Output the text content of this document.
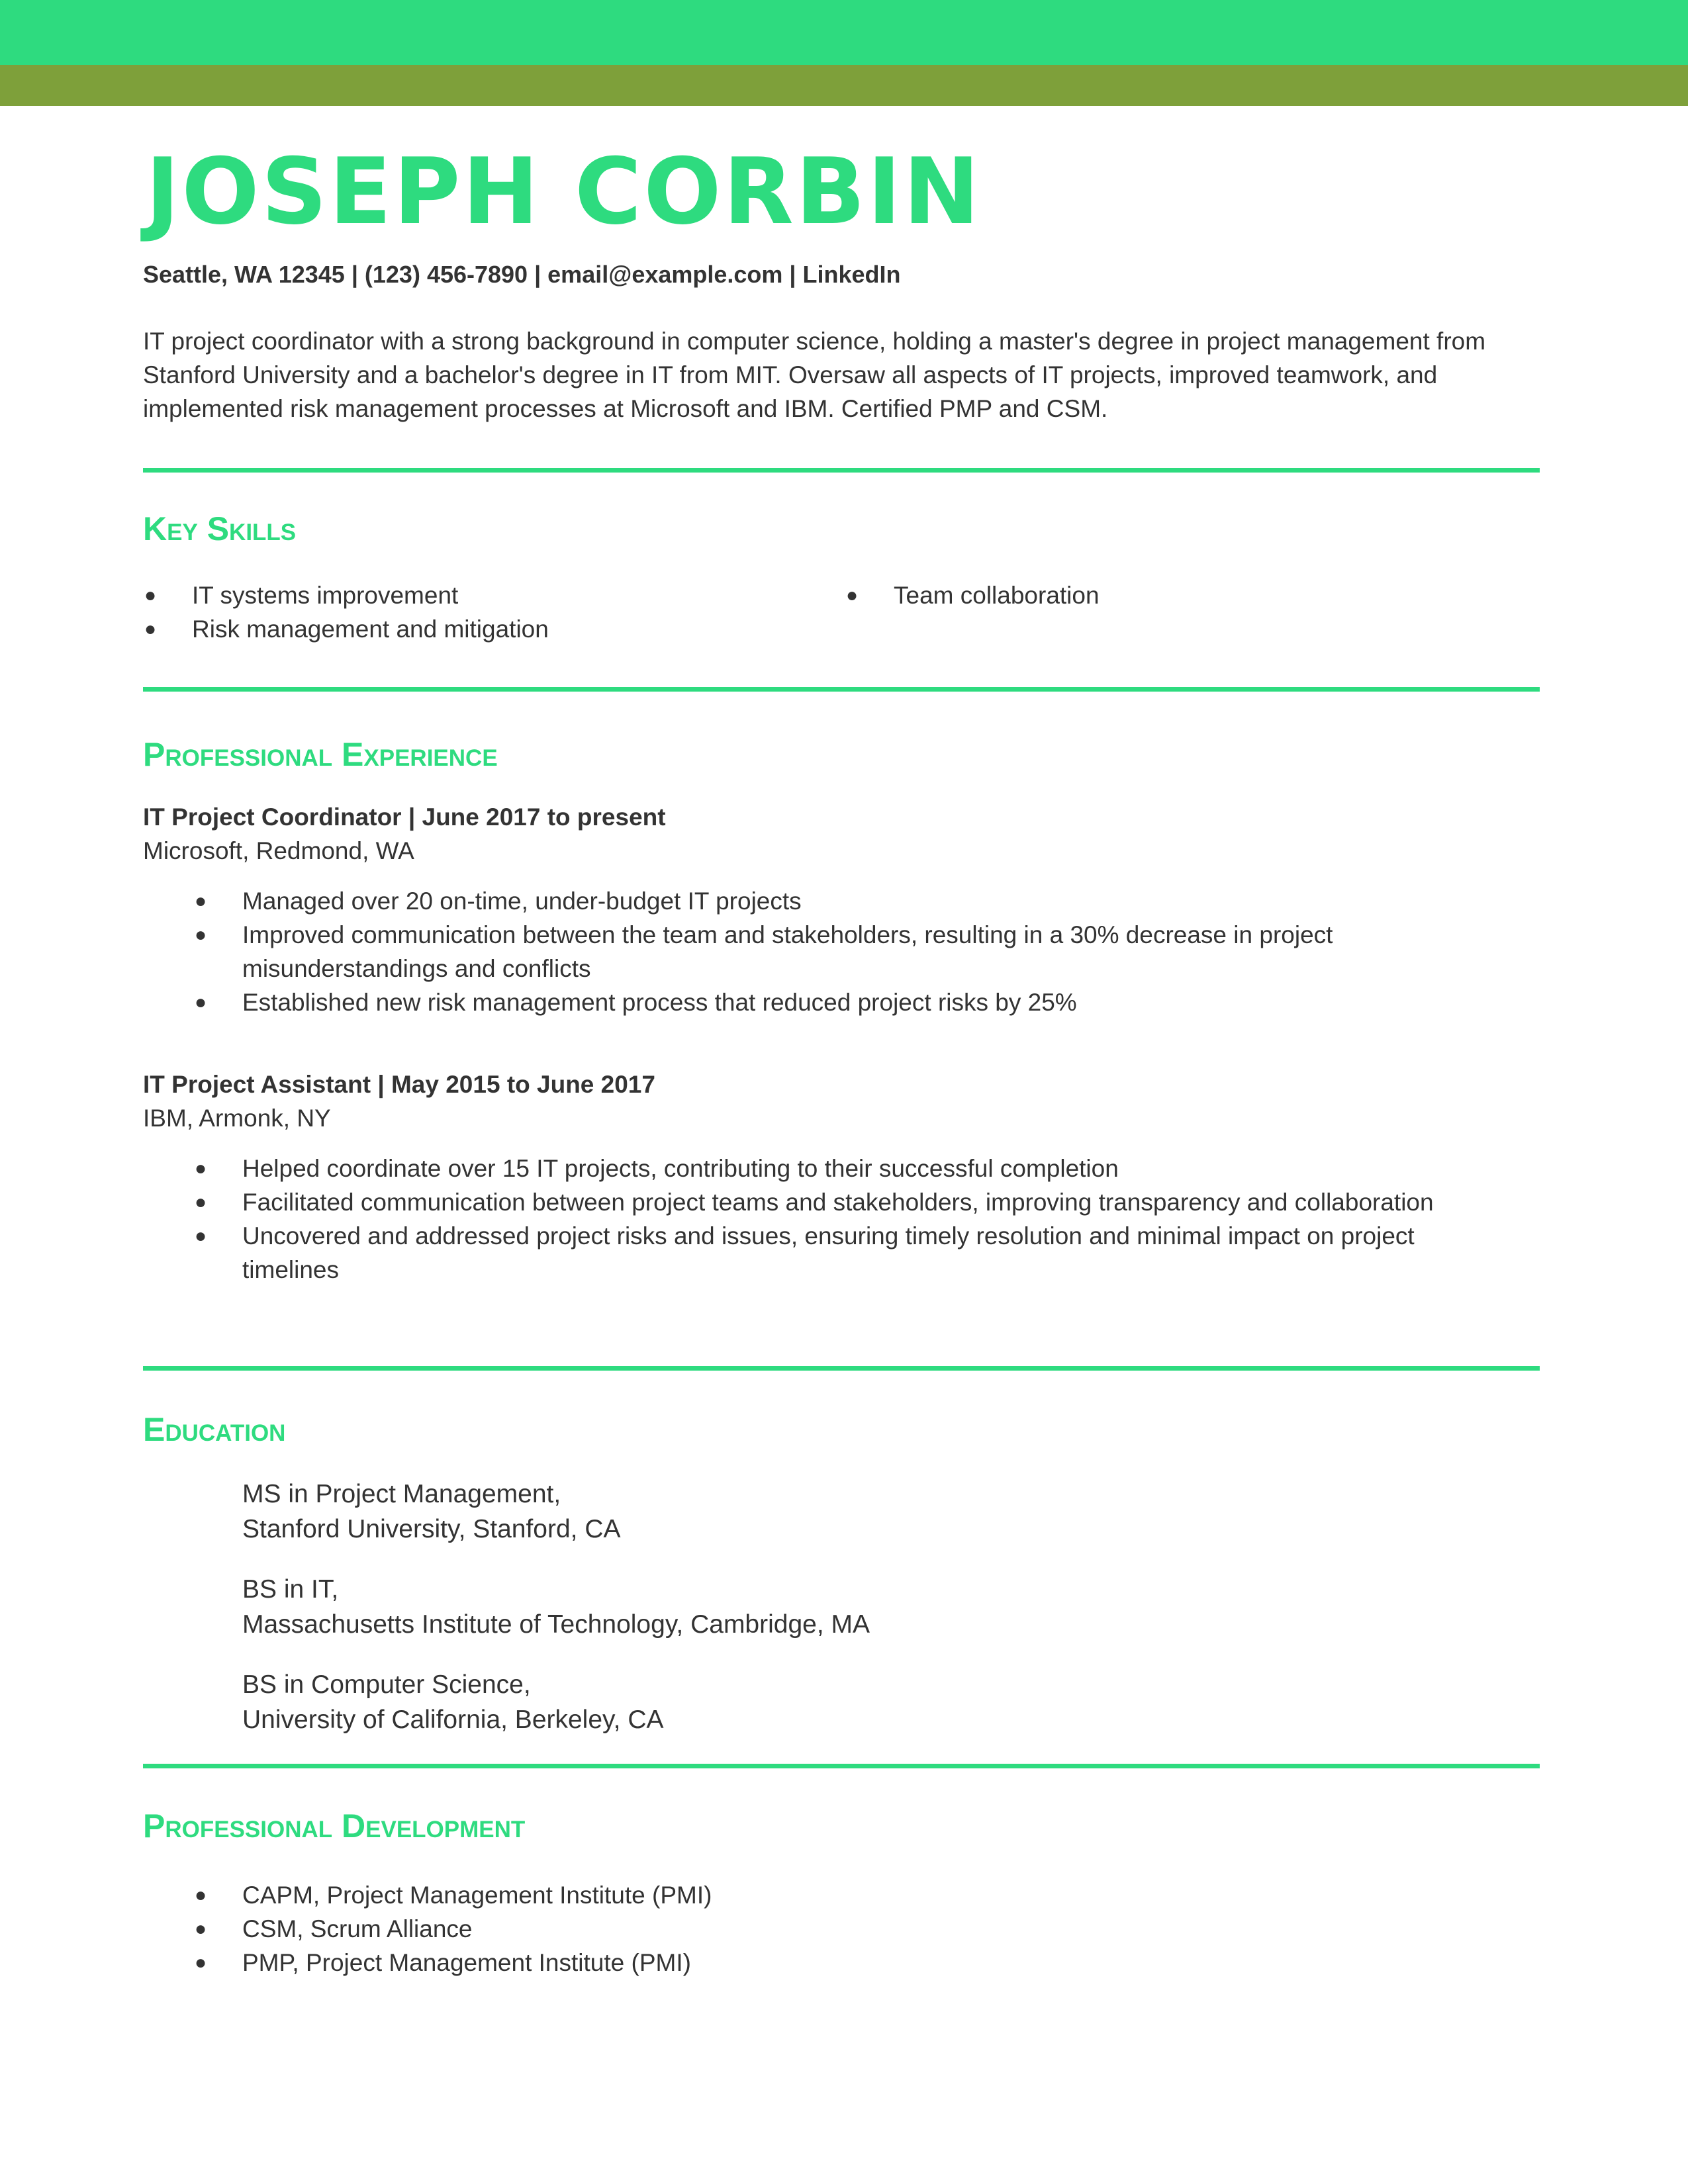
JOSEPH CORBIN
Seattle, WA 12345 | (123) 456-7890 | email@example.com | LinkedIn
IT project coordinator with a strong background in computer science, holding a master's degree in project management from Stanford University and a bachelor's degree in IT from MIT. Oversaw all aspects of IT projects, improved teamwork, and implemented risk management processes at Microsoft and IBM. Certified PMP and CSM.
Key Skills
● IT systems improvement
● Risk management and mitigation
● Team collaboration
Professional Experience
IT Project Coordinator | June 2017 to present
Microsoft, Redmond, WA
● Managed over 20 on-time, under-budget IT projects
● Improved communication between the team and stakeholders, resulting in a 30% decrease in project misunderstandings and conflicts
● Established new risk management process that reduced project risks by 25%
IT Project Assistant | May 2015 to June 2017
IBM, Armonk, NY
● Helped coordinate over 15 IT projects, contributing to their successful completion
● Facilitated communication between project teams and stakeholders, improving transparency and collaboration
● Uncovered and addressed project risks and issues, ensuring timely resolution and minimal impact on project timelines
Education
MS in Project Management,
Stanford University, Stanford, CA
BS in IT,
Massachusetts Institute of Technology, Cambridge, MA
BS in Computer Science,
University of California, Berkeley, CA
Professional Development
● CAPM, Project Management Institute (PMI)
● CSM, Scrum Alliance
● PMP, Project Management Institute (PMI)
